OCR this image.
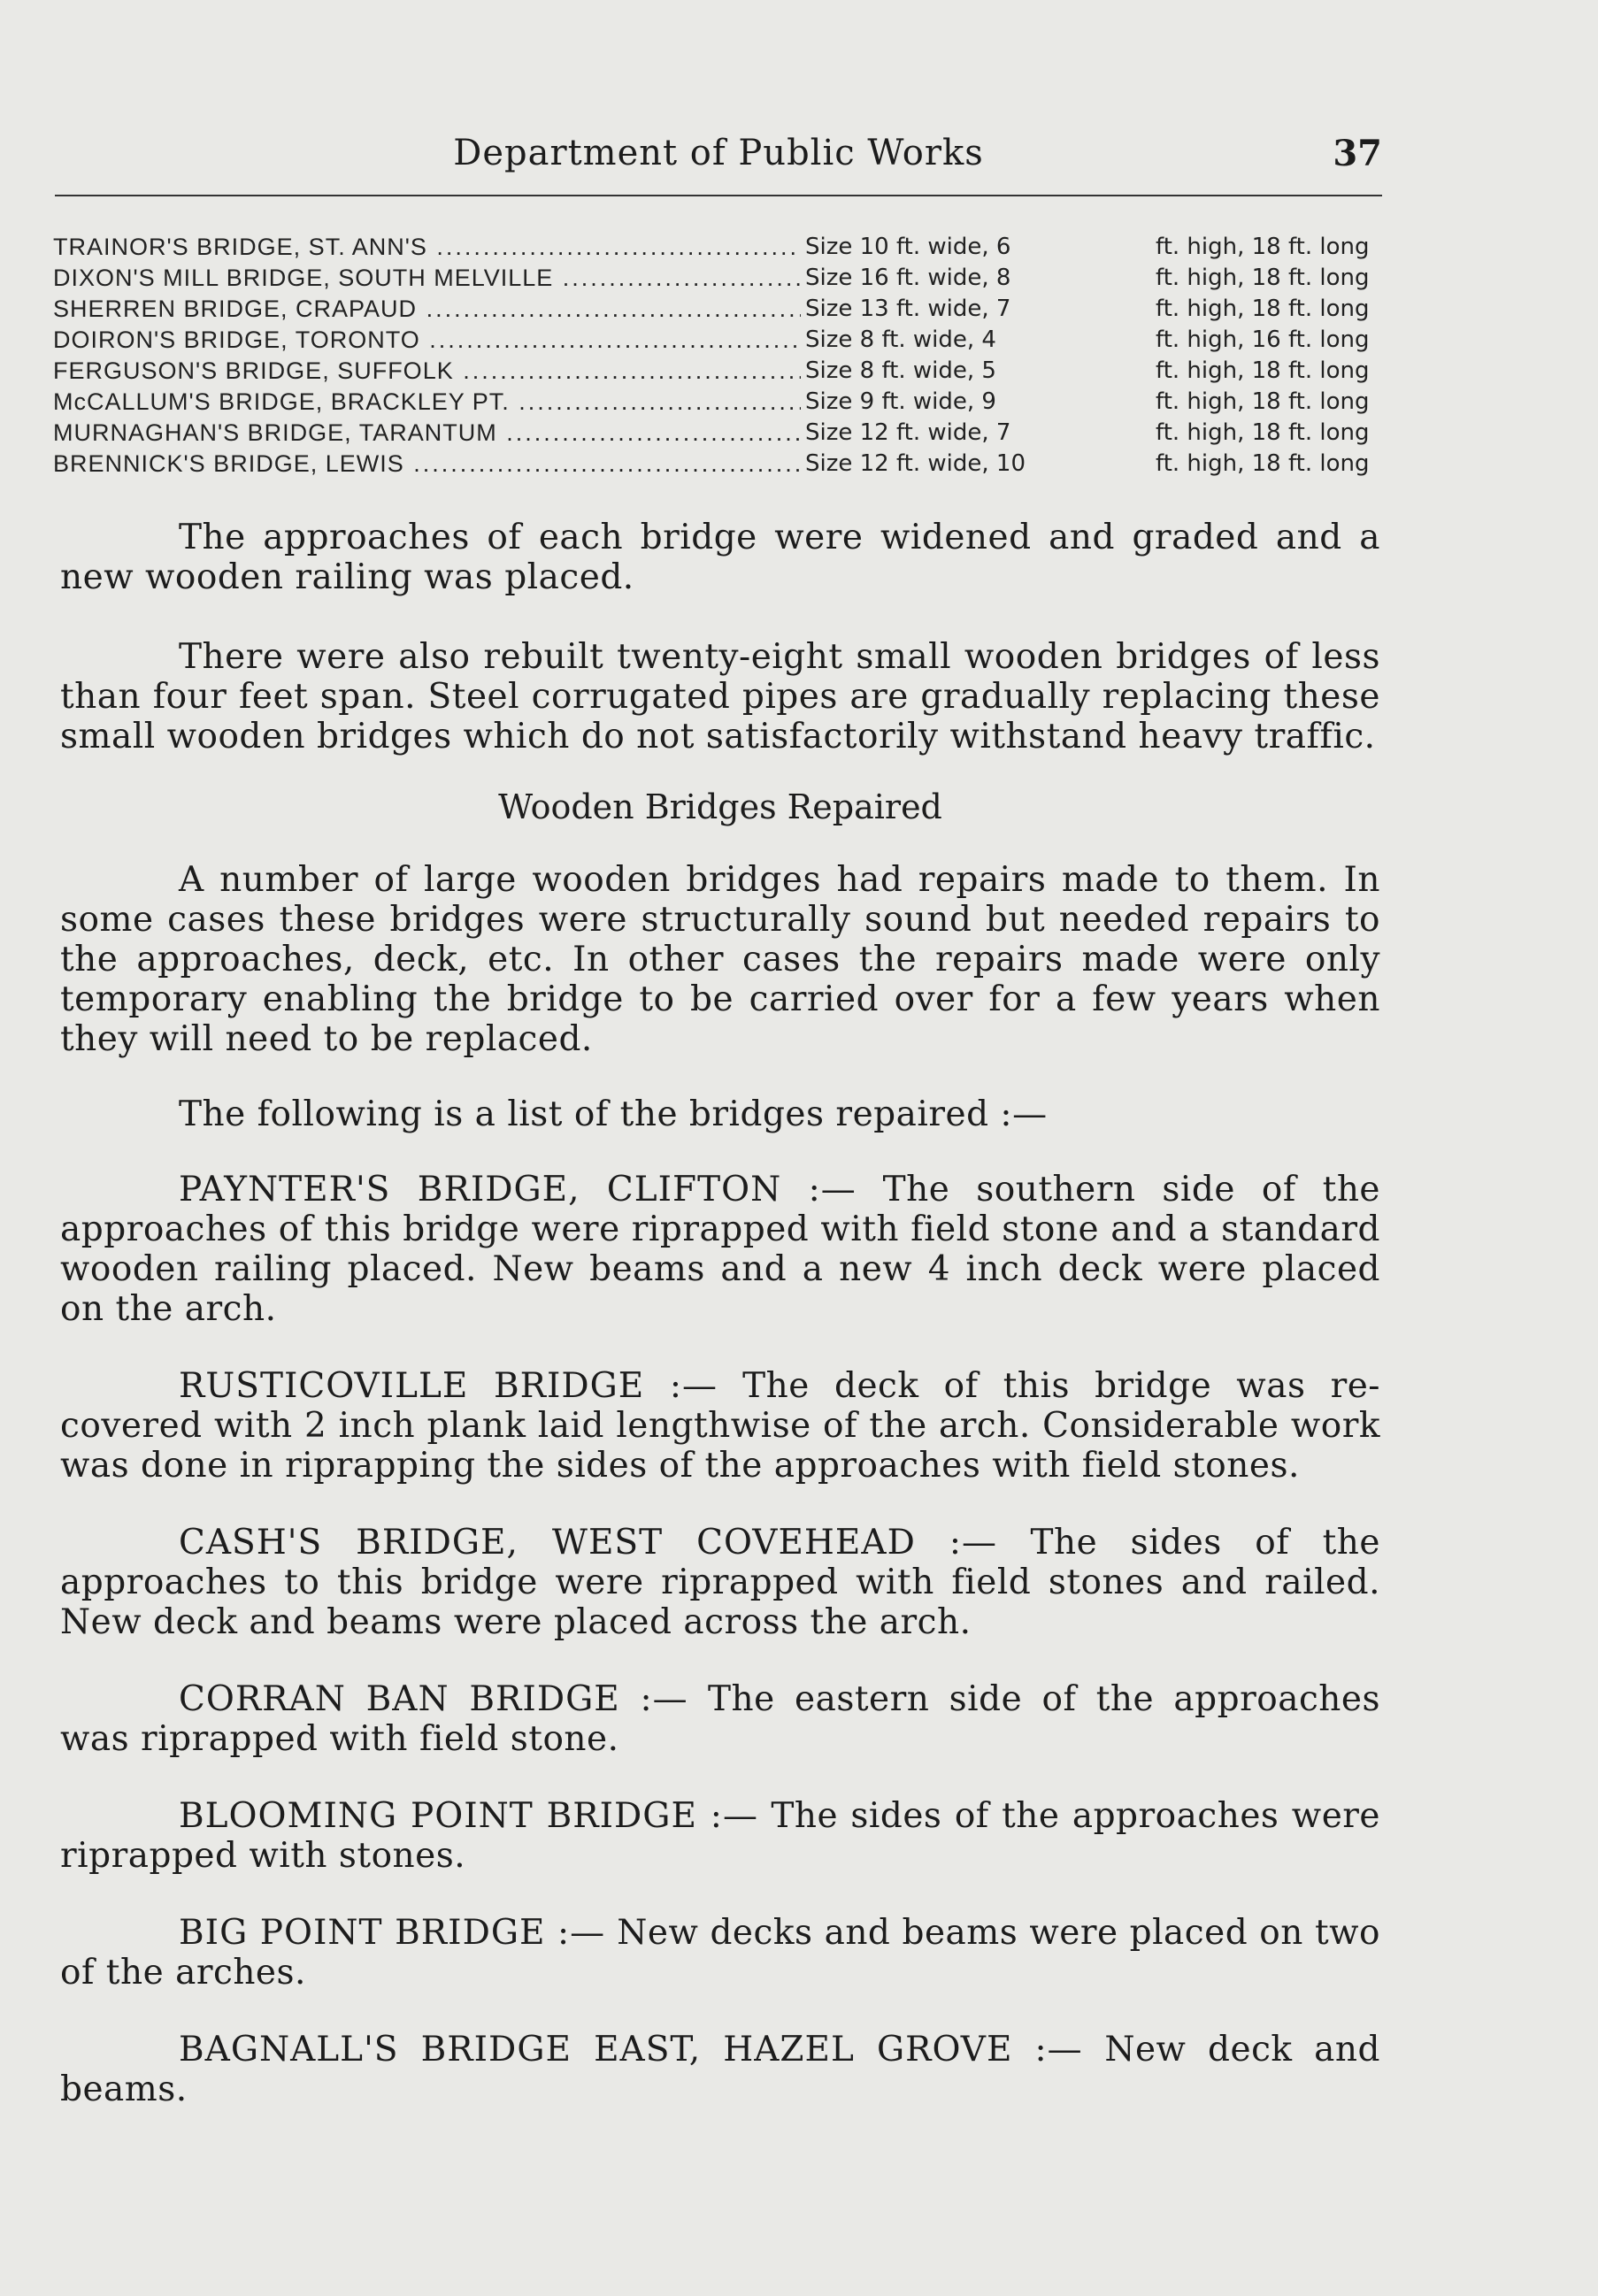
Department of Public Works	37
TRAINOR'S BRIDGE, ST. ANN'S .....	Size 10 ft. wide, 6	ft. high, 18 ft. long
DIXON'S MILL BRIDGE, SOUTH MELVILLE .....	Size 16 ft. wide, 8	ft. high, 18 ft. long
SHERREN BRIDGE, CRAPAUD .....	Size 13 ft. wide, 7	ft. high, 18 ft. long
DOIRON'S BRIDGE, TORONTO .....	Size 8 ft. wide, 4	ft. high, 16 ft. long
FERGUSON'S BRIDGE, SUFFOLK .....	Size 8 ft. wide, 5	ft. high, 18 ft. long
McCALLUM'S BRIDGE, BRACKLEY PT. .....	Size 9 ft. wide, 9	ft. high, 18 ft. long
MURNAGHAN'S BRIDGE, TARANTUM .....	Size 12 ft. wide, 7	ft. high, 18 ft. long
BRENNICK'S BRIDGE, LEWIS .....	Size 12 ft. wide, 10	ft. high, 18 ft. long

The approaches of each bridge were widened and graded and a new wooden railing was placed.

There were also rebuilt twenty-eight small wooden bridges of less than four feet span. Steel corrugated pipes are gradually replacing these small wooden bridges which do not satisfactorily withstand heavy traffic.

Wooden Bridges Repaired

A number of large wooden bridges had repairs made to them. In some cases these bridges were structurally sound but needed repairs to the approaches, deck, etc. In other cases the repairs made were only temporary enabling the bridge to be carried over for a few years when they will need to be replaced.

The following is a list of the bridges repaired :—

PAYNTER'S BRIDGE, CLIFTON :— The southern side of the approaches of this bridge were riprapped with field stone and a standard wooden railing placed. New beams and a new 4 inch deck were placed on the arch.

RUSTICOVILLE BRIDGE :— The deck of this bridge was re-covered with 2 inch plank laid lengthwise of the arch. Considerable work was done in riprapping the sides of the approaches with field stones.

CASH'S BRIDGE, WEST COVEHEAD :— The sides of the approaches to this bridge were riprapped with field stones and railed. New deck and beams were placed across the arch.

CORRAN BAN BRIDGE :— The eastern side of the approaches was riprapped with field stone.

BLOOMING POINT BRIDGE :— The sides of the approaches were riprapped with stones.

BIG POINT BRIDGE :— New decks and beams were placed on two of the arches.

BAGNALL'S BRIDGE EAST, HAZEL GROVE :— New deck and beams.
